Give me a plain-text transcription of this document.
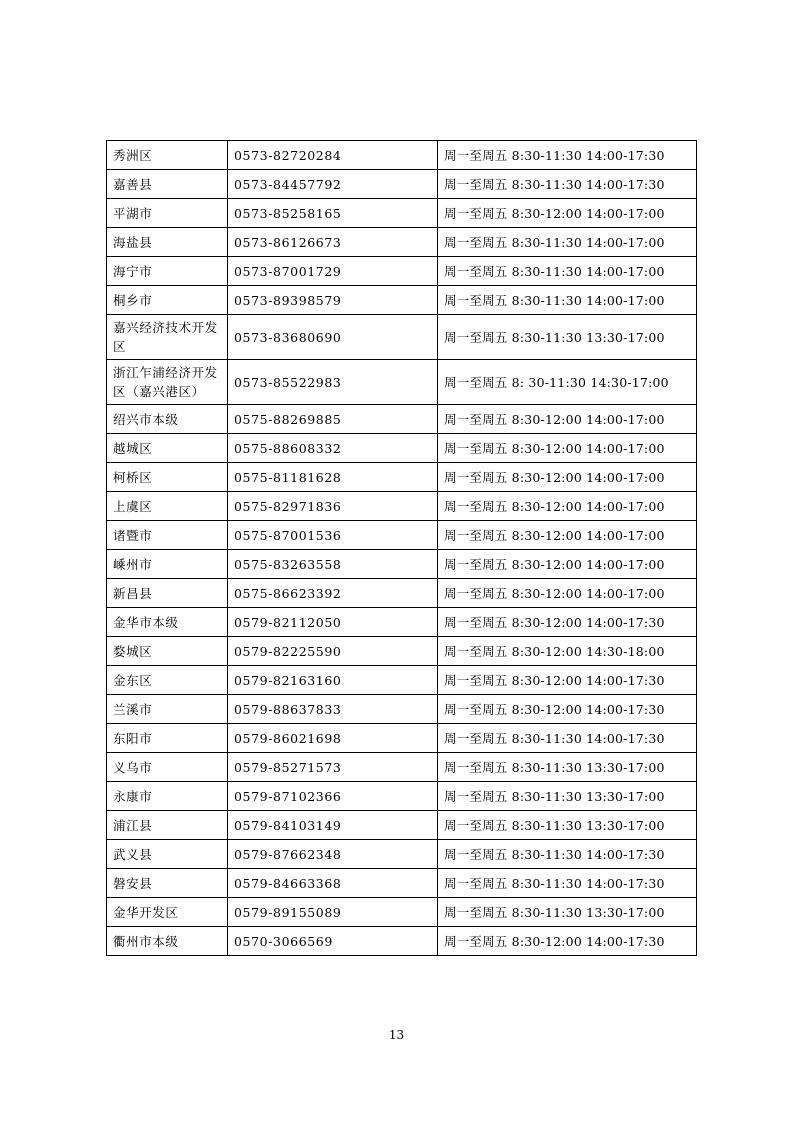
秀洲区	0573-82720284	周一至周五 8:30-11:30 14:00-17:30
嘉善县	0573-84457792	周一至周五 8:30-11:30 14:00-17:30
平湖市	0573-85258165	周一至周五 8:30-12:00 14:00-17:00
海盐县	0573-86126673	周一至周五 8:30-11:30 14:00-17:00
海宁市	0573-87001729	周一至周五 8:30-11:30 14:00-17:00
桐乡市	0573-89398579	周一至周五 8:30-11:30 14:00-17:00
嘉兴经济技术开发区	0573-83680690	周一至周五 8:30-11:30 13:30-17:00
浙江乍浦经济开发区（嘉兴港区）	0573-85522983	周一至周五 8: 30-11:30 14:30-17:00
绍兴市本级	0575-88269885	周一至周五 8:30-12:00 14:00-17:00
越城区	0575-88608332	周一至周五 8:30-12:00 14:00-17:00
柯桥区	0575-81181628	周一至周五 8:30-12:00 14:00-17:00
上虞区	0575-82971836	周一至周五 8:30-12:00 14:00-17:00
诸暨市	0575-87001536	周一至周五 8:30-12:00 14:00-17:00
嵊州市	0575-83263558	周一至周五 8:30-12:00 14:00-17:00
新昌县	0575-86623392	周一至周五 8:30-12:00 14:00-17:00
金华市本级	0579-82112050	周一至周五 8:30-12:00 14:00-17:30
婺城区	0579-82225590	周一至周五 8:30-12:00 14:30-18:00
金东区	0579-82163160	周一至周五 8:30-12:00 14:00-17:30
兰溪市	0579-88637833	周一至周五 8:30-12:00 14:00-17:30
东阳市	0579-86021698	周一至周五 8:30-11:30 14:00-17:30
义乌市	0579-85271573	周一至周五 8:30-11:30 13:30-17:00
永康市	0579-87102366	周一至周五 8:30-11:30 13:30-17:00
浦江县	0579-84103149	周一至周五 8:30-11:30 13:30-17:00
武义县	0579-87662348	周一至周五 8:30-11:30 14:00-17:30
磐安县	0579-84663368	周一至周五 8:30-11:30 14:00-17:30
金华开发区	0579-89155089	周一至周五 8:30-11:30 13:30-17:00
衢州市本级	0570-3066569	周一至周五 8:30-12:00 14:00-17:30
13
